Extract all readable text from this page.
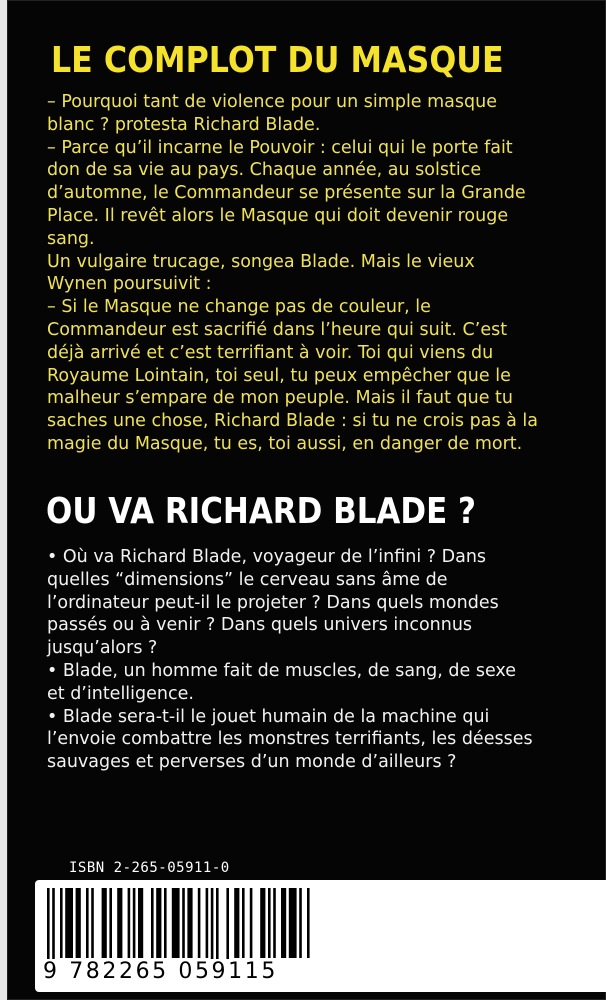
LE COMPLOT DU MASQUE

– Pourquoi tant de violence pour un simple masque

blanc ? protesta Richard Blade.

– Parce qu’il incarne le Pouvoir : celui qui le porte fait

don de sa vie au pays. Chaque année, au solstice

d’automne, le Commandeur se présente sur la Grande

Place. Il revêt alors le Masque qui doit devenir rouge

sang.

Un vulgaire trucage, songea Blade. Mais le vieux

Wynen poursuivit :

– Si le Masque ne change pas de couleur, le

Commandeur est sacrifié dans l’heure qui suit. C’est

déjà arrivé et c’est terrifiant à voir. Toi qui viens du

Royaume Lointain, toi seul, tu peux empêcher que le

malheur s’empare de mon peuple. Mais il faut que tu

saches une chose, Richard Blade : si tu ne crois pas à la

magie du Masque, tu es, toi aussi, en danger de mort.

OU VA RICHARD BLADE ?

• Où va Richard Blade, voyageur de l’infini ? Dans

quelles “dimensions” le cerveau sans âme de

l’ordinateur peut-il le projeter ? Dans quels mondes

passés ou à venir ? Dans quels univers inconnus

jusqu’alors ?

• Blade, un homme fait de muscles, de sang, de sexe

et d’intelligence.

• Blade sera-t-il le jouet humain de la machine qui

l’envoie combattre les monstres terrifiants, les déesses

sauvages et perverses d’un monde d’ailleurs ?

ISBN 2-265-05911-0

9 782265 059115
